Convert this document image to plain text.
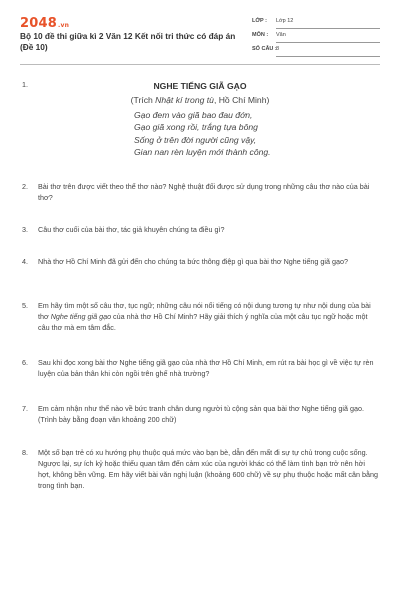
2048.vn
Bộ 10 đề thi giữa kì 2 Văn 12 Kết nối tri thức có đáp án (Đề 10)
LỚP : Lớp 12
MÔN : Văn
SỐ CÂU : 8
1.	NGHE TIẾNG GIÃ GẠO
(Trích Nhật kí trong tù, Hồ Chí Minh)
Gạo đem vào giã bao đau đớn,
Gạo giã xong rồi, trắng tựa bông
Sống ở trên đời người cũng vậy,
Gian nan rèn luyện mới thành công.
2.	Bài thơ trên được viết theo thể thơ nào? Nghệ thuật đối được sử dụng trong những câu thơ nào của bài thơ?
3.	Câu thơ cuối của bài thơ, tác giả khuyên chúng ta điều gì?
4.	Nhà thơ Hồ Chí Minh đã gửi đến cho chúng ta bức thông điệp gì qua bài thơ Nghe tiếng giã gạo?
5.	Em hãy tìm một số câu thơ, tục ngữ; những câu nói nổi tiếng có nội dung tương tự như nội dung của bài thơ Nghe tiếng giã gạo của nhà thơ Hồ Chí Minh? Hãy giải thích ý nghĩa của một câu tục ngữ hoặc một câu thơ mà em tâm đắc.
6.	Sau khi đọc xong bài thơ Nghe tiếng giã gạo của nhà thơ Hồ Chí Minh, em rút ra bài học gì về việc tự rèn luyện của bản thân khi còn ngồi trên ghế nhà trường?
7.	Em cảm nhận như thế nào về bức tranh chân dung người tù cộng sản qua bài thơ Nghe tiếng giã gạo. (Trình bày bằng đoạn văn khoảng 200 chữ)
8.	Một số bạn trẻ có xu hướng phụ thuộc quá mức vào bạn bè, dẫn đến mất đi sự tự chủ trong cuộc sống. Ngược lại, sự ích kỷ hoặc thiếu quan tâm đến cảm xúc của người khác có thể làm tình bạn trở nên hời hợt, không bền vững. Em hãy viết bài văn nghị luận (khoảng 600 chữ) về sự phụ thuộc hoặc mất cân bằng trong tình bạn.
